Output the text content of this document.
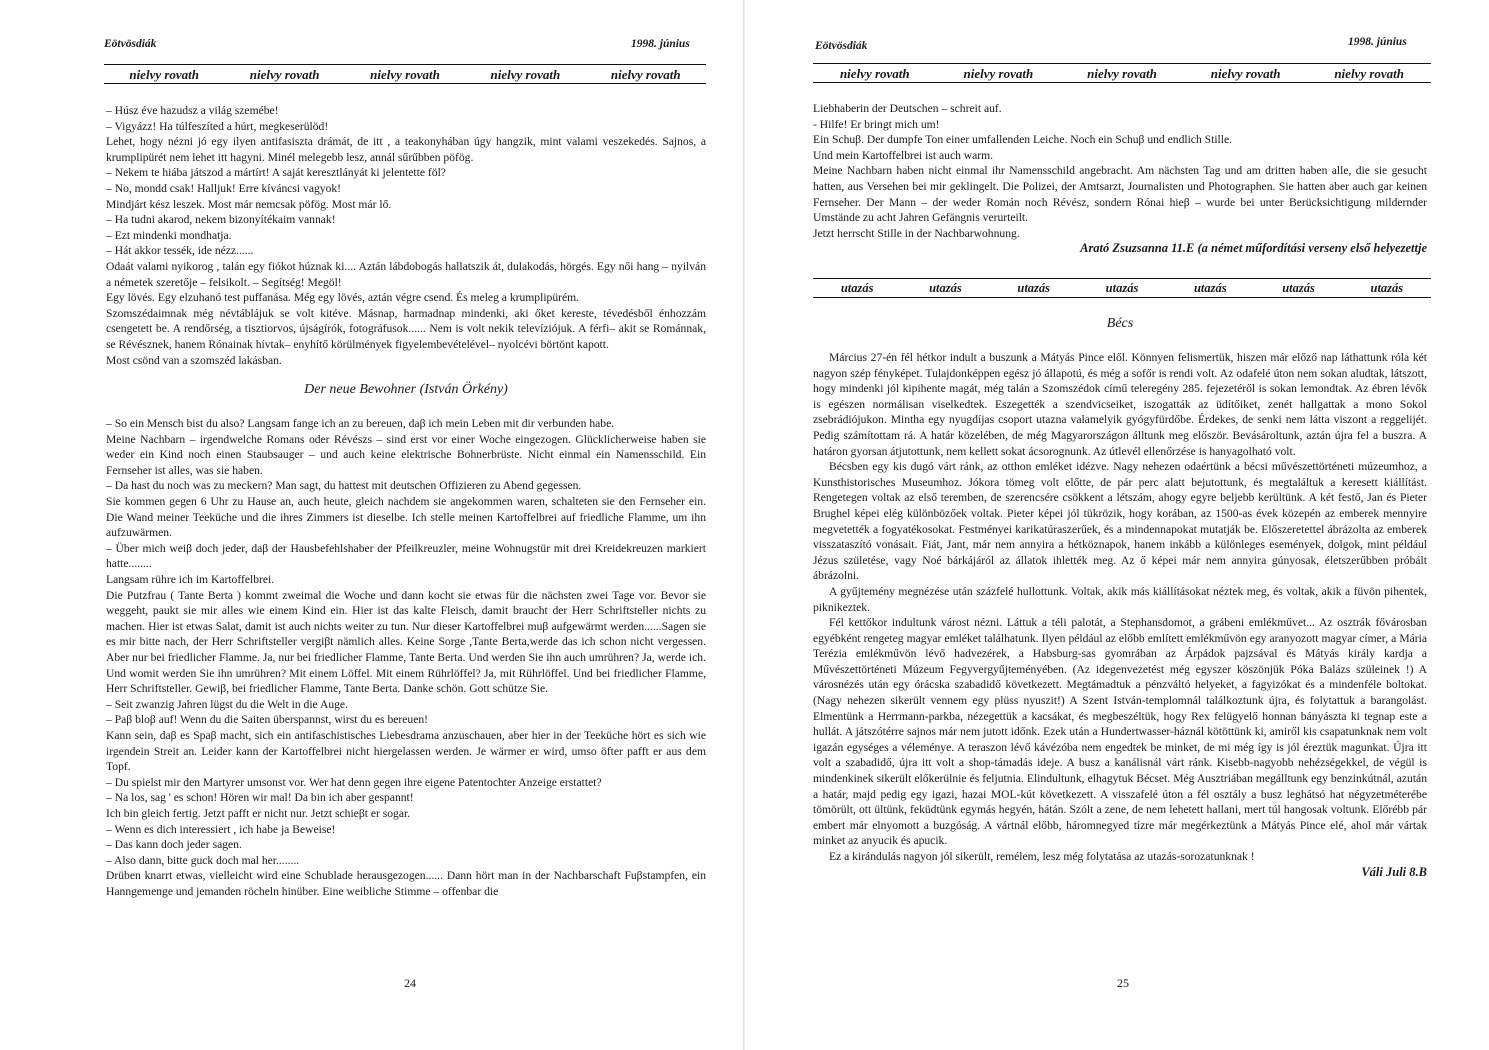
Eötvösdiák	1998. június
nielvy rovath	nielvy rovath	nielvy rovath	nielvy rovath	nielvy rovath

– Húsz éve hazudsz a világ szemébe!

– Vigyázz! Ha túlfeszíted a húrt, megkeserülöd!

Lehet, hogy nézni jó egy ilyen antifasiszta drámát, de itt , a teakonyhában úgy hangzik, mint valami veszekedés. Sajnos, a krumplipürét nem lehet itt hagyni. Minél melegebb lesz, annál sűrűbben pöfög.

– Nekem te hiába játszod a mártírt! A saját keresztlányát ki jelentette föl?

– No, mondd csak! Halljuk! Erre kíváncsi vagyok!

Mindjárt kész leszek. Most már nemcsak pöfög. Most már lő.

– Ha tudni akarod, nekem bizonyítékaim vannak!

– Ezt mindenki mondhatja.

– Hát akkor tessék, ide nézz......

Odaát valami nyikorog , talán egy fiókot húznak ki.... Aztán lábdobogás hallatszik át, dulakodás, hörgés. Egy női hang – nyilván a németek szeretője – felsikolt. – Segítség! Megöl!

Egy lövés. Egy elzuhanó test puffanása. Még egy lövés, aztán végre csend. És meleg a krumplipürém.

Szomszédaimnak még névtáblájuk se volt kitéve. Másnap, harmadnap mindenki, aki őket kereste, tévedésből énhozzám csengetett be. A rendőrség, a tisztiorvos, újságírók, fotográfusok...... Nem is volt nekik televíziójuk. A férfi– akit se Románnak, se Révésznek, hanem Rónainak hívtak– enyhítő körülmények figyelembevételével– nyolcévi börtönt kapott.

Most csönd van a szomszéd lakásban.

Der neue Bewohner (István Örkény)

– So ein Mensch bist du also? Langsam fange ich an zu bereuen, daβ ich mein Leben mit dir verbunden habe.

Meine Nachbarn – irgendwelche Romans oder Révészs – sind erst vor einer Woche eingezogen. Glücklicherweise haben sie weder ein Kind noch einen Staubsauger – und auch keine elektrische Bohnerbrüste. Nicht einmal ein Namensschild. Ein Fernseher ist alles, was sie haben.

– Da hast du noch was zu meckern? Man sagt, du hattest mit deutschen Offizieren zu Abend gegessen.

Sie kommen gegen 6 Uhr zu Hause an, auch heute, gleich nachdem sie angekommen waren, schalteten sie den Fernseher ein. Die Wand meiner Teeküche und die ihres Zimmers ist dieselbe. Ich stelle meinen Kartoffelbrei auf friedliche Flamme, um ihn aufzuwärmen.

– Über mich weiβ doch jeder, daβ der Hausbefehlshaber der Pfeilkreuzler, meine Wohnugstür mit drei Kreidekreuzen markiert hatte........

Langsam rühre ich im Kartoffelbrei.

Die Putzfrau ( Tante Berta ) kommt zweimal die Woche und dann kocht sie etwas für die nächsten zwei Tage vor. Bevor sie weggeht, paukt sie mir alles wie einem Kind ein. Hier ist das kalte Fleisch, damit braucht der Herr Schriftsteller nichts zu machen. Hier ist etwas Salat, damit ist auch nichts weiter zu tun. Nur dieser Kartoffelbrei muβ aufgewärmt werden......Sagen sie es mir bitte nach, der Herr Schriftsteller vergiβt nämlich alles. Keine Sorge ,Tante Berta,werde das ich schon nicht vergessen. Aber nur bei friedlicher Flamme. Ja, nur bei friedlicher Flamme, Tante Berta. Und werden Sie ihn auch umrühren? Ja, werde ich. Und womit werden Sie ihn umrühren? Mit einem Löffel. Mit einem Rührlöffel? Ja, mit Rührlöffel. Und bei friedlicher Flamme, Herr Schriftsteller. Gewiβ, bei friedlicher Flamme, Tante Berta. Danke schön. Gott schütze Sie.

– Seit zwanzig Jahren lügst du die Welt in die Auge.

– Paβ bloβ auf! Wenn du die Saiten überspannst, wirst du es bereuen!

Kann sein, daβ es Spaβ macht, sich ein antifaschistisches Liebesdrama anzuschauen, aber hier in der Teeküche hört es sich wie irgendein Streit an. Leider kann der Kartoffelbrei nicht hiergelassen werden. Je wärmer er wird, umso öfter pafft er aus dem Topf.

– Du spielst mir den Martyrer umsonst vor. Wer hat denn gegen ihre eigene Patentochter Anzeige erstattet?

– Na los, sag ' es schon! Hören wir mal! Da bin ich aber gespannt!

Ich bin gleich fertig. Jetzt pafft er nicht nur. Jetzt schieβt er sogar.

– Wenn es dich interessiert , ich habe ja Beweise!

– Das kann doch jeder sagen.

– Also dann, bitte guck doch mal her........

Drüben knarrt etwas, vielleicht wird eine Schublade herausgezogen...... Dann hört man in der Nachbarschaft Fuβstampfen, ein Hanngemenge und jemanden röcheln hinüber. Eine weibliche Stimme – offenbar die

24
Eötvösdiák	1998. június
nielvy rovath	nielvy rovath	nielvy rovath	nielvy rovath	nielvy rovath

Liebhaberin der Deutschen – schreit auf.

- Hilfe! Er bringt mich um!

Ein Schuβ. Der dumpfe Ton einer umfallenden Leiche. Noch ein Schuβ und endlich Stille.

Und mein Kartoffelbrei ist auch warm.

Meine Nachbarn haben nicht einmal ihr Namensschild angebracht. Am nächsten Tag und am dritten haben alle, die sie gesucht hatten, aus Versehen bei mir geklingelt. Die Polizei, der Amtsarzt, Journalisten und Photographen. Sie hatten aber auch gar keinen Fernseher. Der Mann – der weder Román noch Révész, sondern Rónai hieβ – wurde bei unter Berücksichtigung mildernder Umstände zu acht Jahren Gefängnis verurteilt.

Jetzt herrscht Stille in der Nachbarwohnung.

Arató Zsuzsanna 11.E (a német műfordítási verseny első helyezettje
utazás	utazás	utazás	utazás	utazás	utazás	utazás
Bécs

Március 27-én fél hétkor indult a buszunk a Mátyás Pince elől. Könnyen felismertük, hiszen már előző nap láthattunk róla két nagyon szép fényképet. Tulajdonképpen egész jó állapotú, és még a sofőr is rendi volt. Az odafelé úton nem sokan aludtak, látszott, hogy mindenki jól kipihente magát, még talán a Szomszédok című teleregény 285. fejezetéről is sokan lemondtak. Az ébren lévők is egészen normálisan viselkedtek. Eszegették a szendvicseiket, iszogatták az üdítőiket, zenét hallgattak a mono Sokol zsebrádiójukon. Mintha egy nyugdíjas csoport utazna valamelyik gyógyfürdőbe. Érdekes, de senki nem látta viszont a reggelijét. Pedig számítottam rá. A határ közelében, de még Magyarországon álltunk meg először. Bevásároltunk, aztán újra fel a buszra. A határon gyorsan átjutottunk, nem kellett sokat ácsorognunk. Az útlevél ellenőrzése is hanyagolható volt.

Bécsben egy kis dugó várt ránk, az otthon emléket idézve. Nagy nehezen odaértünk a bécsi művészettörténeti múzeumhoz, a Kunsthistorisches Museumhoz. Jókora tömeg volt előtte, de pár perc alatt bejutottunk, és megtaláltuk a keresett kiállítást. Rengetegen voltak az első teremben, de szerencsére csökkent a létszám, ahogy egyre beljebb kerültünk. A két festő, Jan és Pieter Brughel képei elég különbözőek voltak. Pieter képei jól tükrözik, hogy korában, az 1500-as évek közepén az emberek mennyire megvetették a fogyatékosokat. Festményei karikatúraszerűek, és a mindennapokat mutatják be. Előszeretettel ábrázolta az emberek visszataszító vonásait. Fiát, Jant, már nem annyira a hétköznapok, hanem inkább a különleges események, dolgok, mint például Jézus születése, vagy Noé bárkájáról az állatok ihlették meg. Az ő képei már nem annyira gúnyosak, életszerűbben próbált ábrázolni.

A gyűjtemény megnézése után százfelé hullottunk. Voltak, akik más kiállításokat néztek meg, és voltak, akik a füvön pihentek, piknikeztek.

Fél kettőkor indultunk várost nézni. Láttuk a téli palotát, a Stephansdomot, a grábeni emlékművet... Az osztrák fővárosban egyébként rengeteg magyar emléket találhatunk. Ilyen például az előbb említett emlékművön egy aranyozott magyar címer, a Mária Terézia emlékművön lévő hadvezérek, a Habsburg-sas gyomrában az Árpádok pajzsával és Mátyás király kardja a Művészettörténeti Múzeum Fegyvergyűjteményében. (Az idegenvezetést még egyszer köszönjük Póka Balázs szüleinek !) A városnézés után egy órácska szabadidő következett. Megtámadtuk a pénzváltó helyeket, a fagyizókat és a mindenféle boltokat. (Nagy nehezen sikerült vennem egy plüss nyuszit!) A Szent István-templomnál találkoztunk újra, és folytattuk a barangolást. Elmentünk a Herrmann-parkba, nézegettük a kacsákat, és megbeszéltük, hogy Rex felügyelő honnan bányászta ki tegnap este a hullát. A játszótérre sajnos már nem jutott időnk. Ezek után a Hundertwasser-háznál kötöttünk ki, amiről kis csapatunknak nem volt igazán egységes a véleménye. A teraszon lévő kávézóba nem engedtek be minket, de mi még így is jól éreztük magunkat. Újra itt volt a szabadidő, újra itt volt a shop-támadás ideje. A busz a kanálisnál várt ránk. Kisebb-nagyobb nehézségekkel, de végül is mindenkinek sikerült előkerülnie és feljutnia. Elindultunk, elhagytuk Bécset. Még Ausztriában megálltunk egy benzinkútnál, azután a határ, majd pedig egy igazi, hazai MOL-kút következett. A visszafelé úton a fél osztály a busz leghátsó hat négyzetméterébe tömörült, ott ültünk, feküdtünk egymás hegyén, hátán. Szólt a zene, de nem lehetett hallani, mert túl hangosak voltunk. Előrébb pár embert már elnyomott a buzgóság. A vártnál előbb, háromnegyed tízre már megérkeztünk a Mátyás Pince elé, ahol már vártak minket az anyucik és apucik.

Ez a kirándulás nagyon jól sikerült, remélem, lesz még folytatása az utazás-sorozatunknak !

Váli Juli 8.B
25
